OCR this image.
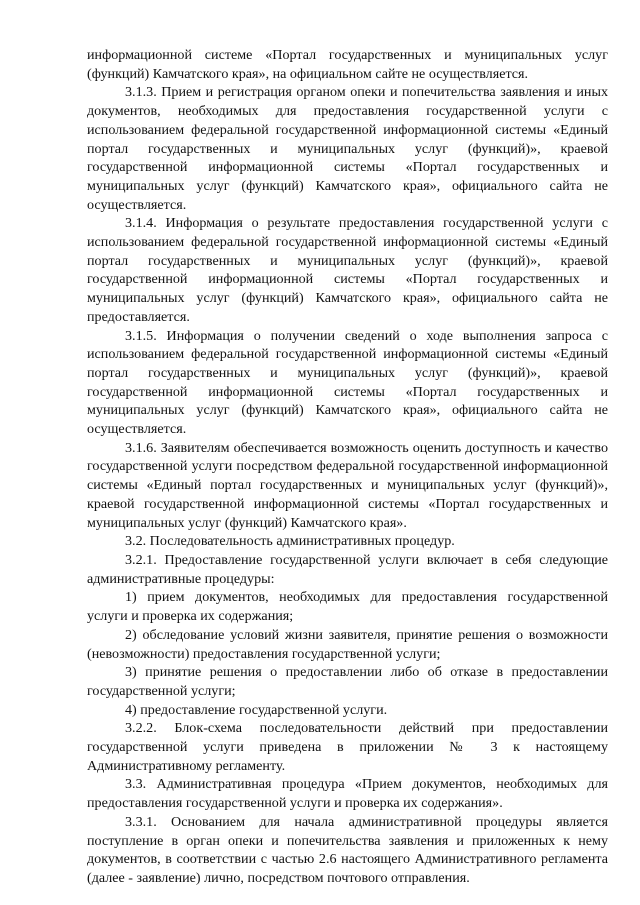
информационной системе «Портал государственных и муниципальных услуг (функций) Камчатского края», на официальном сайте не осуществляется.

3.1.3. Прием и регистрация органом опеки и попечительства заявления и иных документов, необходимых для предоставления государственной услуги с использованием федеральной государственной информационной системы «Единый портал государственных и муниципальных услуг (функций)», краевой государственной информационной системы «Портал государственных и муниципальных услуг (функций) Камчатского края», официального сайта не осуществляется.

3.1.4. Информация о результате предоставления государственной услуги с использованием федеральной государственной информационной системы «Единый портал государственных и муниципальных услуг (функций)», краевой государственной информационной системы «Портал государственных и муниципальных услуг (функций) Камчатского края», официального сайта не предоставляется.

3.1.5. Информация о получении сведений о ходе выполнения запроса с использованием федеральной государственной информационной системы «Единый портал государственных и муниципальных услуг (функций)», краевой государственной информационной системы «Портал государственных и муниципальных услуг (функций) Камчатского края», официального сайта не осуществляется.

3.1.6. Заявителям обеспечивается возможность оценить доступность и качество государственной услуги посредством федеральной государственной информационной системы «Единый портал государственных и муниципальных услуг (функций)», краевой государственной информационной системы «Портал государственных и муниципальных услуг (функций) Камчатского края».

3.2. Последовательность административных процедур.

3.2.1. Предоставление государственной услуги включает в себя следующие административные процедуры:

1) прием документов, необходимых для предоставления государственной услуги и проверка их содержания;

2) обследование условий жизни заявителя, принятие решения о возможности (невозможности) предоставления государственной услуги;

3) принятие решения о предоставлении либо об отказе в предоставлении государственной услуги;

4) предоставление государственной услуги.

3.2.2. Блок-схема последовательности действий при предоставлении государственной услуги приведена в приложении № 3 к настоящему Административному регламенту.

3.3. Административная процедура «Прием документов, необходимых для предоставления государственной услуги и проверка их содержания».

3.3.1. Основанием для начала административной процедуры является поступление в орган опеки и попечительства заявления и приложенных к нему документов, в соответствии с частью 2.6 настоящего Административного регламента (далее - заявление) лично, посредством почтового отправления.
